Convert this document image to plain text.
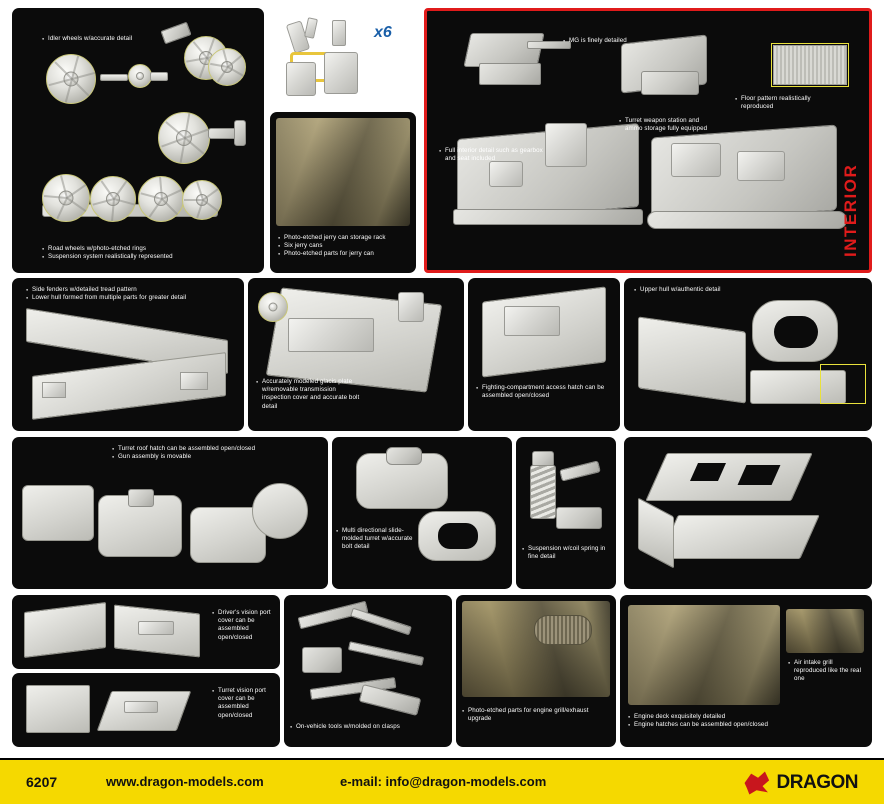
● Idler wheels w/accurate detail
● Road wheels w/photo-etched rings
● Suspension system realistically represented
x6
● Photo-etched jerry can storage rack
● Six jerry cans
● Photo-etched parts for jerry can	INTERIOR
● MG is finely detailed
● Turret weapon station and ammo storage fully equipped
● Floor pattern realistically reproduced
● Full interior detail such as gearbox and seat included
● Side fenders w/detailed tread pattern
● Lower hull formed from multiple parts for greater detail
● Accurately modeled glacis plate w/removable transmission inspection cover and accurate bolt detail
● Fighting-compartment access hatch can be assembled open/closed
● Upper hull w/authentic detail
● Turret roof hatch can be assembled open/closed
● Gun assembly is movable
● Multi directional slide-molded turret w/accurate bolt detail	● Suspension w/coil spring in fine detail
● Driver's vision port cover can be assembled open/closed
● Turret vision port cover can be assembled open/closed
● On-vehicle tools w/molded on clasps
● Photo-etched parts for engine grill/exhaust upgrade
● Air intake grill reproduced like the real one
● Engine deck exquisitely detailed
● Engine hatches can be assembled open/closed
6207	www.dragon-models.com	e-mail: info@dragon-models.com	DRAGON
